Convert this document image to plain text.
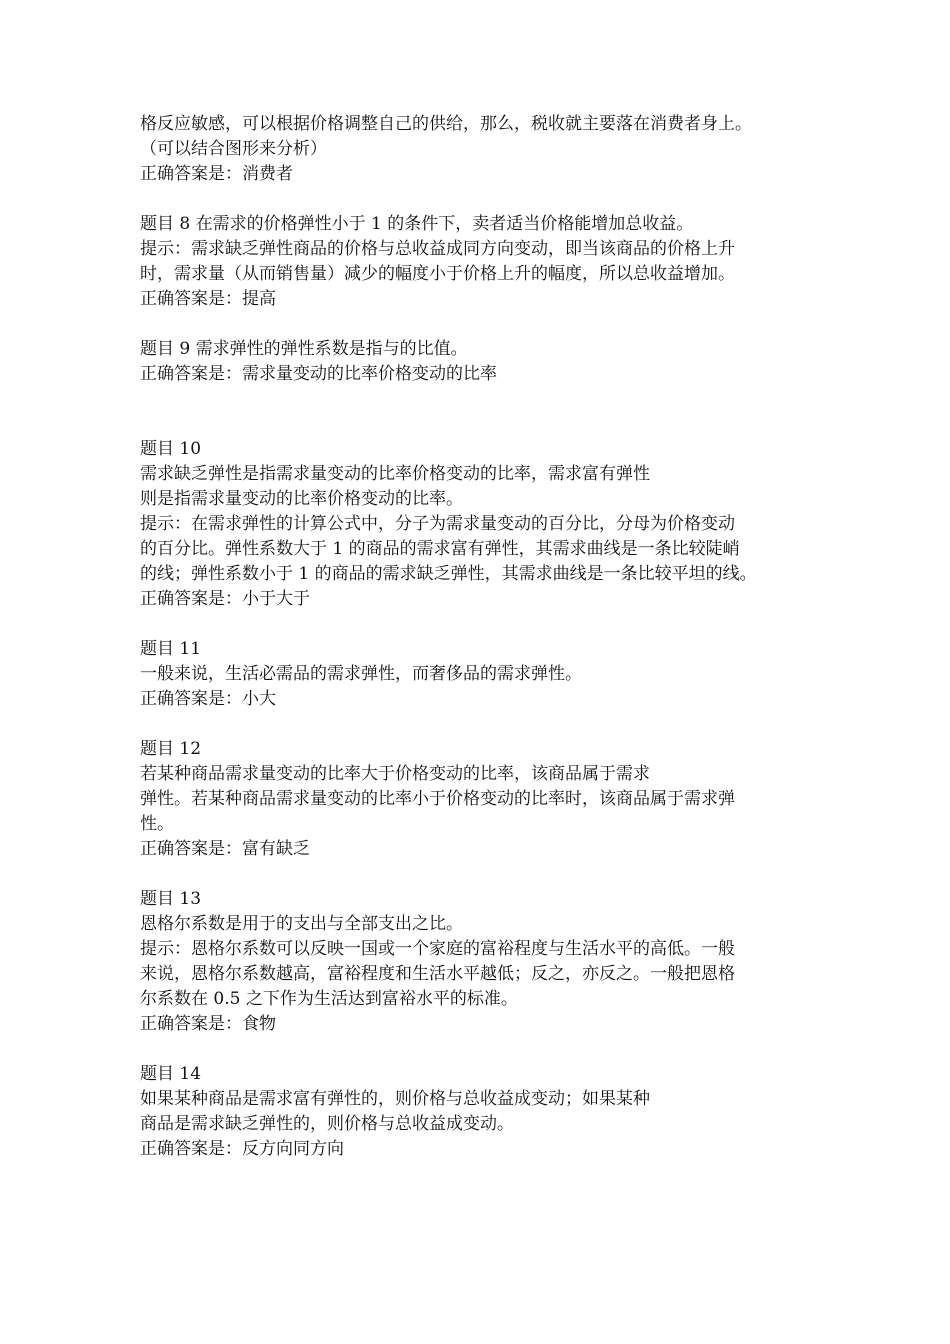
格反应敏感，可以根据价格调整自己的供给，那么，税收就主要落在消费者身上。
（可以结合图形来分析）
正确答案是：消费者
题目 8 在需求的价格弹性小于 1 的条件下，卖者适当价格能增加总收益。
提示：需求缺乏弹性商品的价格与总收益成同方向变动，即当该商品的价格上升
时，需求量（从而销售量）减少的幅度小于价格上升的幅度，所以总收益增加。
正确答案是：提高
题目 9 需求弹性的弹性系数是指与的比值。
正确答案是：需求量变动的比率价格变动的比率
题目 10
需求缺乏弹性是指需求量变动的比率价格变动的比率，需求富有弹性
则是指需求量变动的比率价格变动的比率。
提示：在需求弹性的计算公式中，分子为需求量变动的百分比，分母为价格变动
的百分比。弹性系数大于 1 的商品的需求富有弹性，其需求曲线是一条比较陡峭
的线；弹性系数小于 1 的商品的需求缺乏弹性，其需求曲线是一条比较平坦的线。
正确答案是：小于大于
题目 11
一般来说，生活必需品的需求弹性，而奢侈品的需求弹性。
正确答案是：小大
题目 12
若某种商品需求量变动的比率大于价格变动的比率，该商品属于需求
弹性。若某种商品需求量变动的比率小于价格变动的比率时，该商品属于需求弹
性。
正确答案是：富有缺乏
题目 13
恩格尔系数是用于的支出与全部支出之比。
提示：恩格尔系数可以反映一国或一个家庭的富裕程度与生活水平的高低。一般
来说，恩格尔系数越高，富裕程度和生活水平越低；反之，亦反之。一般把恩格
尔系数在 0.5 之下作为生活达到富裕水平的标准。
正确答案是：食物
题目 14
如果某种商品是需求富有弹性的，则价格与总收益成变动；如果某种
商品是需求缺乏弹性的，则价格与总收益成变动。
正确答案是：反方向同方向
